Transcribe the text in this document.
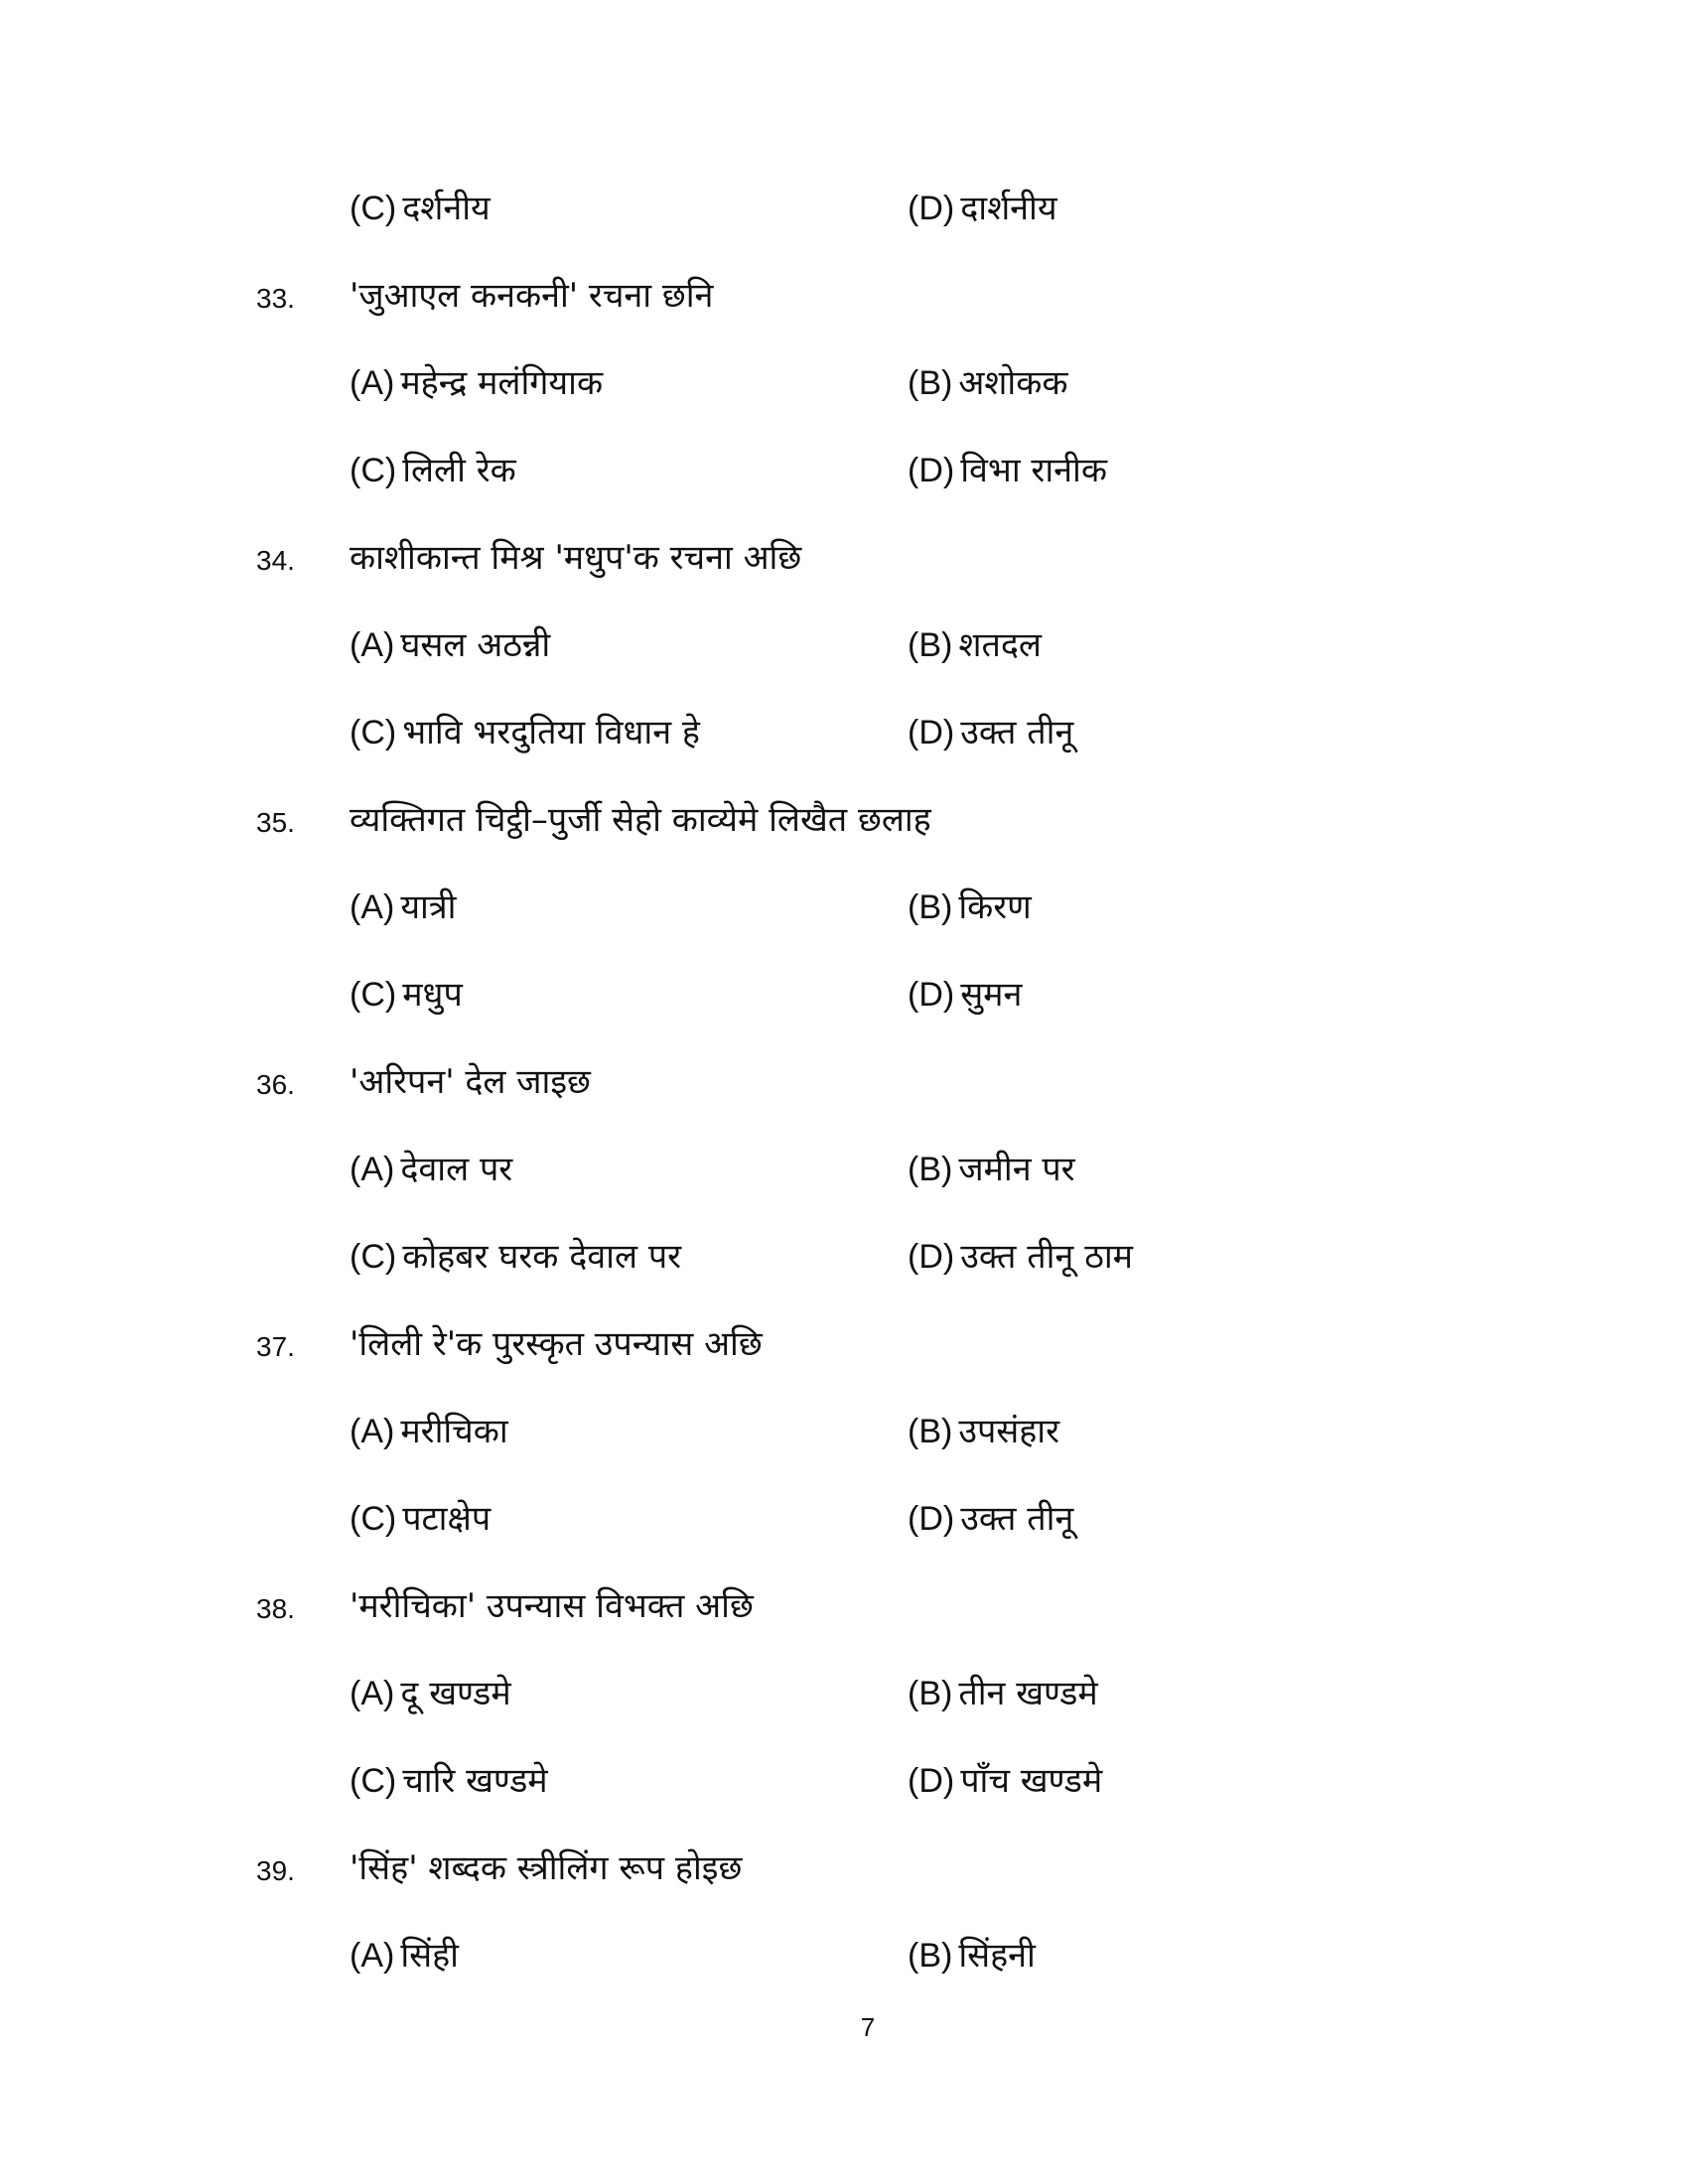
(C) दर्शनीय	(D) दार्शनीय
33. 'जुआएल कनकनी' रचना छनि
(A) महेन्द्र मलंगियाक	(B) अशोकक
(C) लिली रेक	(D) विभा रानीक
34. काशीकान्त मिश्र 'मधुप'क रचना अछि
(A) घसल अठन्नी	(B) शतदल
(C) भावि भरदुतिया विधान हे	(D) उक्त तीनू
35. व्यक्तिगत चिट्ठी–पुर्जी सेहो काव्येमे लिखैत छलाह
(A) यात्री	(B) किरण
(C) मधुप	(D) सुमन
36. 'अरिपन' देल जाइछ
(A) देवाल पर	(B) जमीन पर
(C) कोहबर घरक देवाल पर	(D) उक्त तीनू ठाम
37. 'लिली रे'क पुरस्कृत उपन्यास अछि
(A) मरीचिका	(B) उपसंहार
(C) पटाक्षेप	(D) उक्त तीनू
38. 'मरीचिका' उपन्यास विभक्त अछि
(A) दू खण्डमे	(B) तीन खण्डमे
(C) चारि खण्डमे	(D) पाँच खण्डमे
39. 'सिंह' शब्दक स्त्रीलिंग रूप होइछ
(A) सिंही	(B) सिंहनी
7
